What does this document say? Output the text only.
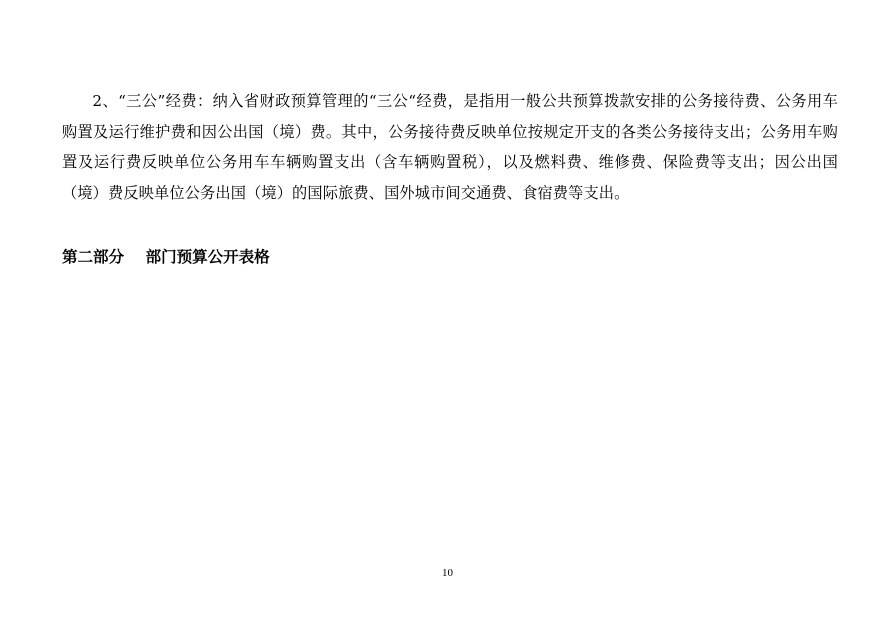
2、“三公”经费：纳入省财政预算管理的“三公“经费，是指用一般公共预算拨款安排的公务接待费、公务用车购置及运行维护费和因公出国（境）费。其中，公务接待费反映单位按规定开支的各类公务接待支出；公务用车购置及运行费反映单位公务用车车辆购置支出（含车辆购置税），以及燃料费、维修费、保险费等支出；因公出国（境）费反映单位公务出国（境）的国际旅费、国外城市间交通费、食宿费等支出。

第二部分    部门预算公开表格
10
